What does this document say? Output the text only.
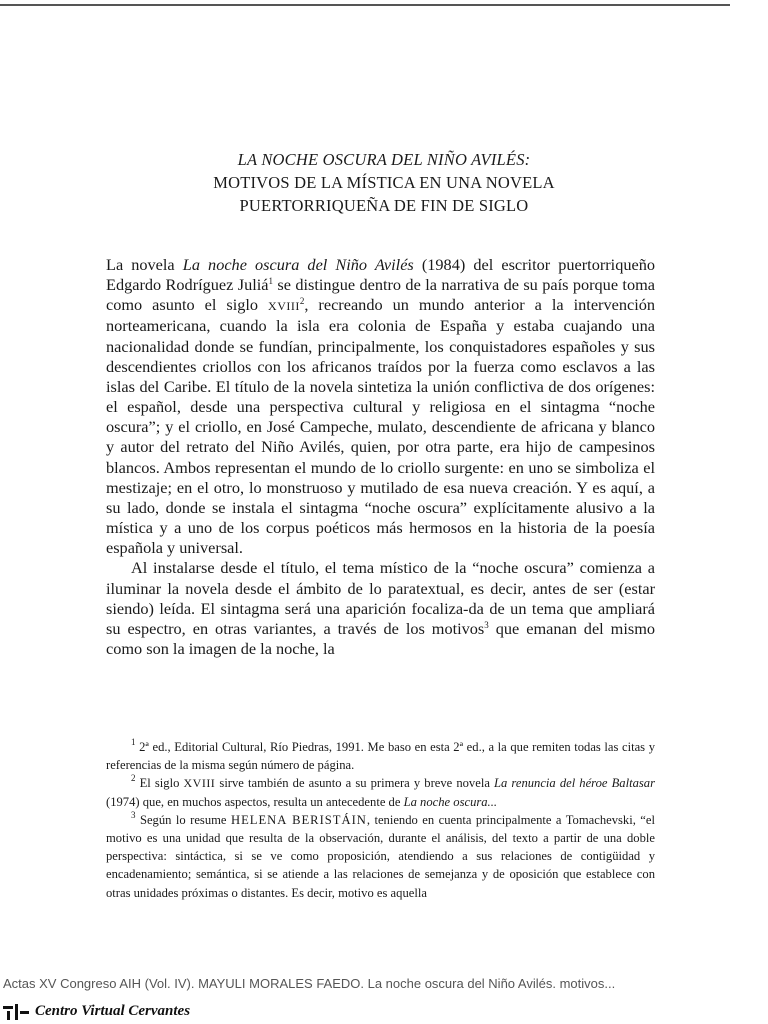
LA NOCHE OSCURA DEL NIÑO AVILÉS:
MOTIVOS DE LA MÍSTICA EN UNA NOVELA
PUERTORRIQUEÑA DE FIN DE SIGLO

La novela La noche oscura del Niño Avilés (1984) del escritor puertorriqueño Edgardo Rodríguez Juliá$^1$ se distingue dentro de la narrativa de su país porque toma como asunto el siglo XVIII$^2$, recreando un mundo anterior a la intervención norteamericana, cuando la isla era colonia de España y estaba cuajando una nacionalidad donde se fundían, principalmente, los conquistadores españoles y sus descendientes criollos con los africanos traídos por la fuerza como esclavos a las islas del Caribe. El título de la novela sintetiza la unión conflictiva de dos orígenes: el español, desde una perspectiva cultural y religiosa en el sintagma “noche oscura”; y el criollo, en José Campeche, mulato, descendiente de africana y blanco y autor del retrato del Niño Avilés, quien, por otra parte, era hijo de campesinos blancos. Ambos representan el mundo de lo criollo surgente: en uno se simboliza el mestizaje; en el otro, lo monstruoso y mutilado de esa nueva creación. Y es aquí, a su lado, donde se instala el sintagma “noche oscura” explícitamente alusivo a la mística y a uno de los corpus poéticos más hermosos en la historia de la poesía española y universal.

Al instalarse desde el título, el tema místico de la “noche oscura” comienza a iluminar la novela desde el ámbito de lo paratextual, es decir, antes de ser (estar siendo) leída. El sintagma será una aparición focaliza-da de un tema que ampliará su espectro, en otras variantes, a través de los motivos$^3$ que emanan del mismo como son la imagen de la noche, la

$^1$ 2ª ed., Editorial Cultural, Río Piedras, 1991. Me baso en esta 2ª ed., a la que remiten todas las citas y referencias de la misma según número de página.

$^2$ El siglo XVIII sirve también de asunto a su primera y breve novela La renuncia del héroe Baltasar (1974) que, en muchos aspectos, resulta un antecedente de La noche oscura...

$^3$ Según lo resume HELENA BERISTÁIN, teniendo en cuenta principalmente a Tomachevski, “el motivo es una unidad que resulta de la observación, durante el análisis, del texto a partir de una doble perspectiva: sintáctica, si se ve como proposición, atendiendo a sus relaciones de contigüidad y encadenamiento; semántica, si se atiende a las relaciones de semejanza y de oposición que establece con otras unidades próximas o distantes. Es decir, motivo es aquella

Actas XV Congreso AIH (Vol. IV). MAYULI MORALES FAEDO. La noche oscura del Niño Avilés. motivos...
Centro Virtual Cervantes
